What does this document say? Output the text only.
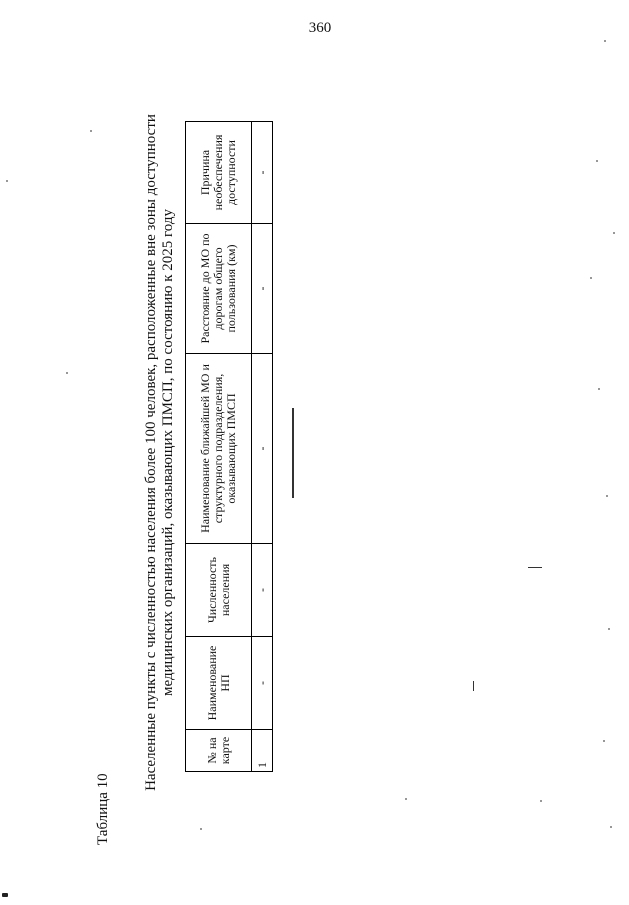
360
Таблица 10
Населенные пункты с численностью населения более 100 человек, расположенные вне зоны доступности медицинских организаций, оказывающих ПМСП, по состоянию к 2025 году
№ на карте	Наименование НП	Численность населения	Наименование ближайшей МО и структурного подразделения, оказывающих ПМСП	Расстояние до МО по дорогам общего пользования (км)	Причина необеспечения доступности
1	-	-	-	-	-
